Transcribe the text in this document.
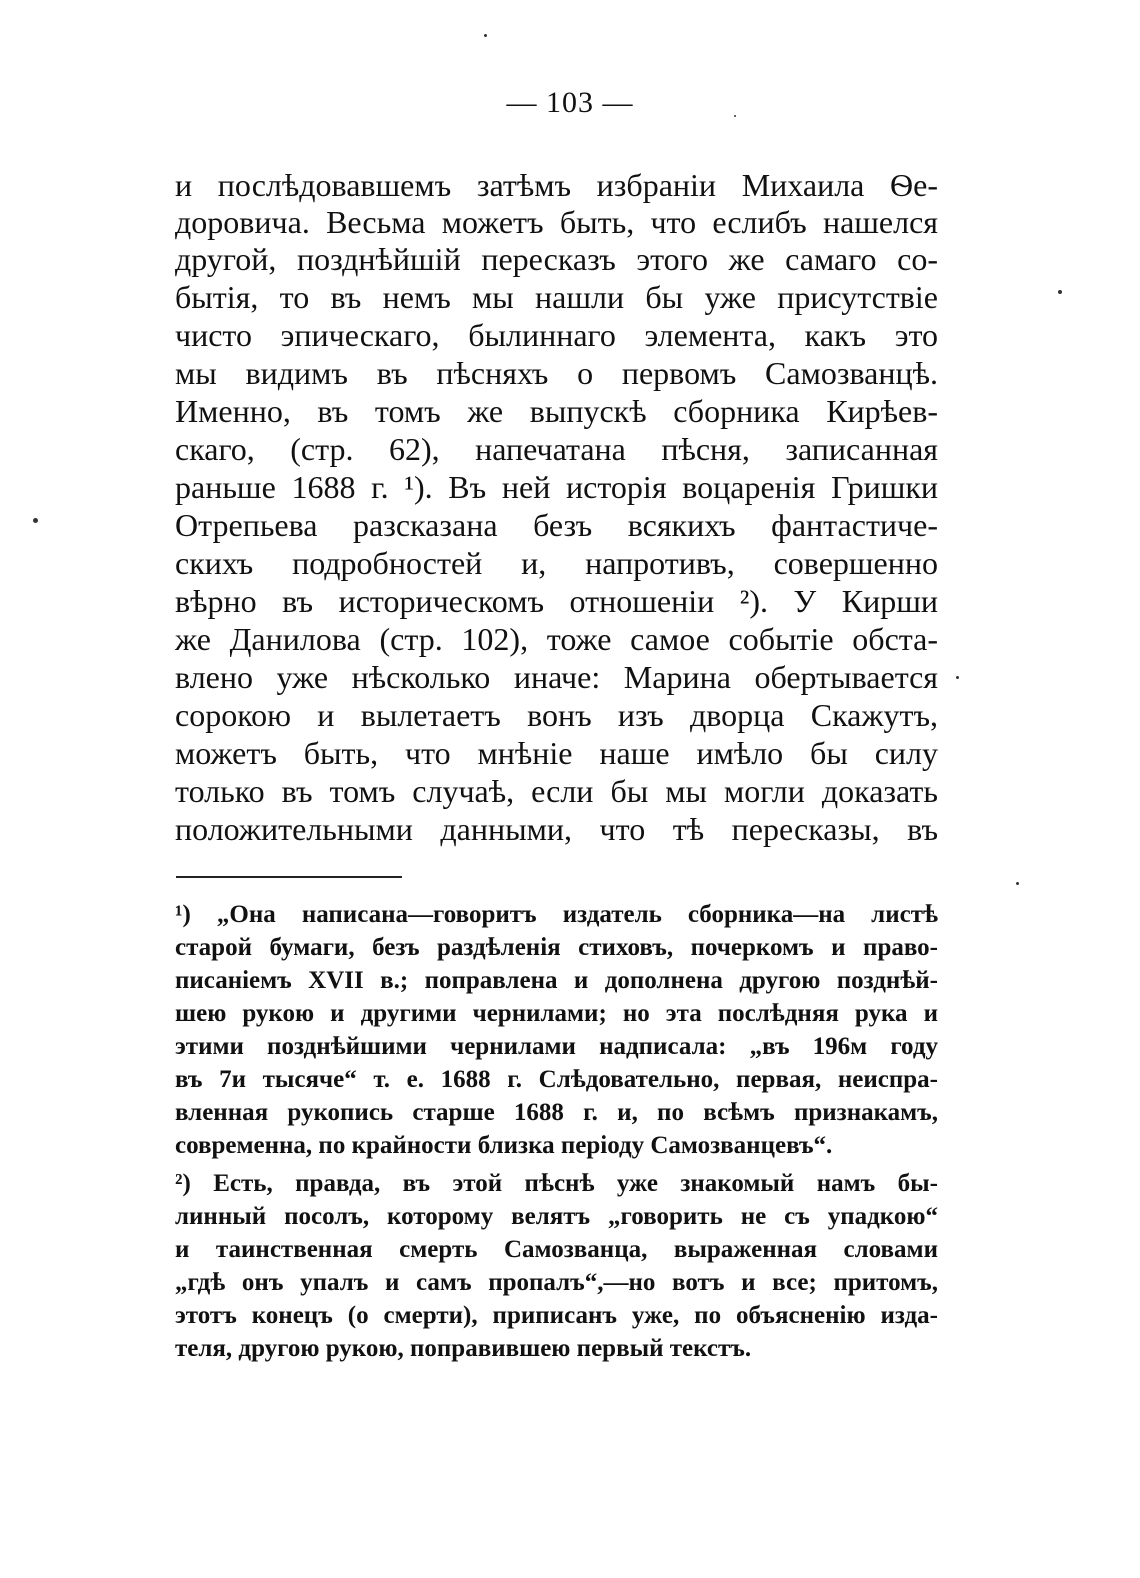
— 103 —
и послѣдовавшемъ затѣмъ избраніи Михаила Ѳе-
доровича. Весьма можетъ быть, что еслибъ нашелся
другой, позднѣйшій пересказъ этого же самаго со-
бытія, то въ немъ мы нашли бы уже присутствіе
чисто эпическаго, былиннаго элемента, какъ это
мы видимъ въ пѣсняхъ о первомъ Самозванцѣ.
Именно, въ томъ же выпускѣ сборника Кирѣев-
скаго, (стр. 62), напечатана пѣсня, записанная
раньше 1688 г. ¹). Въ ней исторія воцаренія Гришки
Отрепьева разсказана безъ всякихъ фантастиче-
скихъ подробностей и, напротивъ, совершенно
вѣрно въ историческомъ отношеніи ²). У Кирши
же Данилова (стр. 102), тоже самое событіе обста-
влено уже нѣсколько иначе: Марина обертывается
сорокою и вылетаетъ вонъ изъ дворца Скажутъ,
можетъ быть, что мнѣніе наше имѣло бы силу
только въ томъ случаѣ, если бы мы могли доказать
положительными данными, что тѣ пересказы, въ
¹) „Она написана—говоритъ издатель сборника—на листѣ
старой бумаги, безъ раздѣленія стиховъ, почеркомъ и право-
писаніемъ XVII в.; поправлена и дополнена другою позднѣй-
шею рукою и другими чернилами; но эта послѣдняя рука и
этими позднѣйшими чернилами надписала: „въ 196м году
въ 7и тысяче“ т. е. 1688 г. Слѣдовательно, первая, неиспра-
вленная рукопись старше 1688 г. и, по всѣмъ признакамъ,
современна, по крайности близка періоду Самозванцевъ“.
²) Есть, правда, въ этой пѣснѣ уже знакомый намъ бы-
линный посолъ, которому велятъ „говорить не съ упадкою“
и таинственная смерть Самозванца, выраженная словами
„гдѣ онъ упалъ и самъ пропалъ“,—но вотъ и все; притомъ,
этотъ конецъ (о смерти), приписанъ уже, по объясненію изда-
теля, другою рукою, поправившею первый текстъ.
